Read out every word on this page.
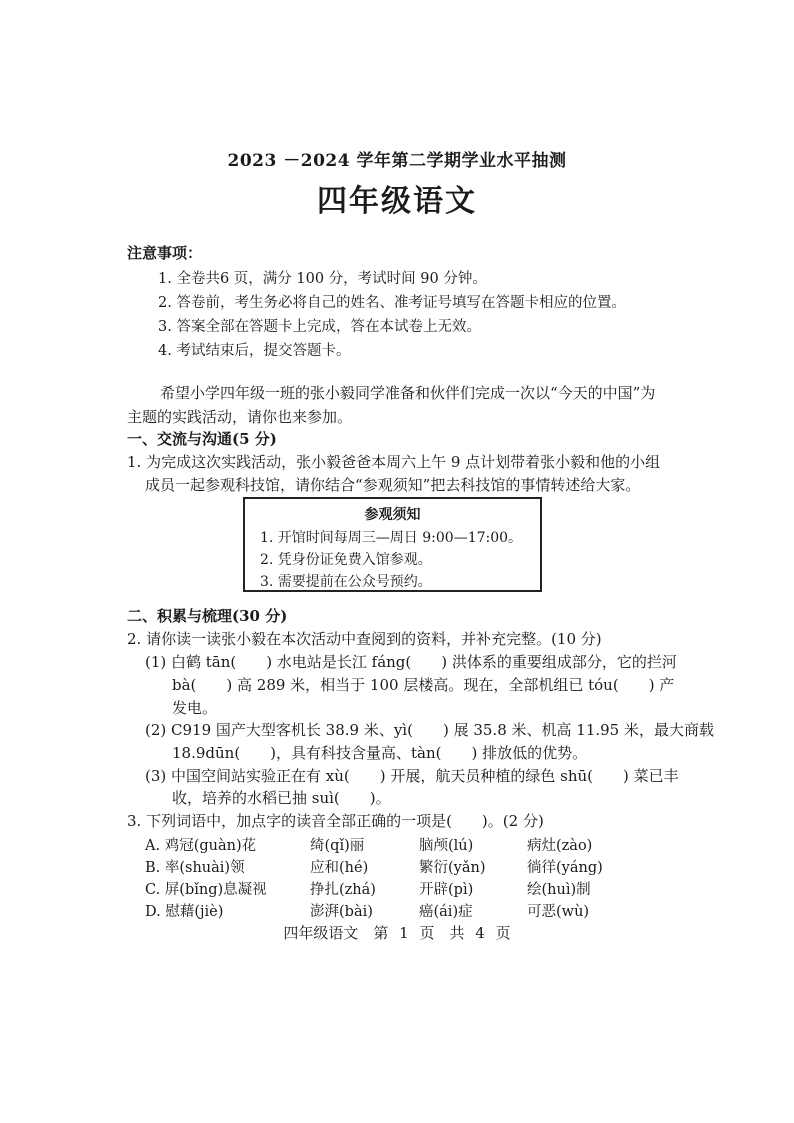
2023 －2024 学年第二学期学业水平抽测
四年级语文
注意事项：
1. 全卷共6 页，满分 100 分，考试时间 90 分钟。
2. 答卷前，考生务必将自己的姓名、准考证号填写在答题卡相应的位置。
3. 答案全部在答题卡上完成，答在本试卷上无效。
4. 考试结束后，提交答题卡。
希望小学四年级一班的张小毅同学准备和伙伴们完成一次以“今天的中国”为
主题的实践活动，请你也来参加。
一、交流与沟通(5 分)
1. 为完成这次实践活动，张小毅爸爸本周六上午 9 点计划带着张小毅和他的小组
成员一起参观科技馆，请你结合“参观须知”把去科技馆的事情转述给大家。
参观须知
1. 开馆时间每周三—周日 9:00—17:00。
2. 凭身份证免费入馆参观。
3. 需要提前在公众号预约。
二、积累与梳理(30 分)
2. 请你读一读张小毅在本次活动中查阅到的资料，并补充完整。(10 分)
(1) 白鹤 tān(　　) 水电站是长江 fáng(　　) 洪体系的重要组成部分，它的拦河
bà(　　) 高 289 米，相当于 100 层楼高。现在，全部机组已 tóu(　　) 产
发电。
(2) C919 国产大型客机长 38.9 米、yì(　　) 展 35.8 米、机高 11.95 米，最大商载
18.9dūn(　　)，具有科技含量高、tàn(　　) 排放低的优势。
(3) 中国空间站实验正在有 xù(　　) 开展，航天员种植的绿色 shū(　　) 菜已丰
收，培养的水稻已抽 suì(　　)。
3. 下列词语中，加点字的读音全部正确的一项是(　　)。(2 分)
A. 鸡冠(guàn)花	绮(qǐ)丽	脑颅(lú)	病灶(zào)
B. 率(shuài)领	应和(hé)	繁衍(yǎn)	徜徉(yáng)
C. 屏(bǐng)息凝视	挣扎(zhá)	开辟(pì)	绘(huì)制
D. 慰藉(jiè)	澎湃(bài)	癌(ái)症	可恶(wù)
四年级语文　第 1 页　共 4 页
